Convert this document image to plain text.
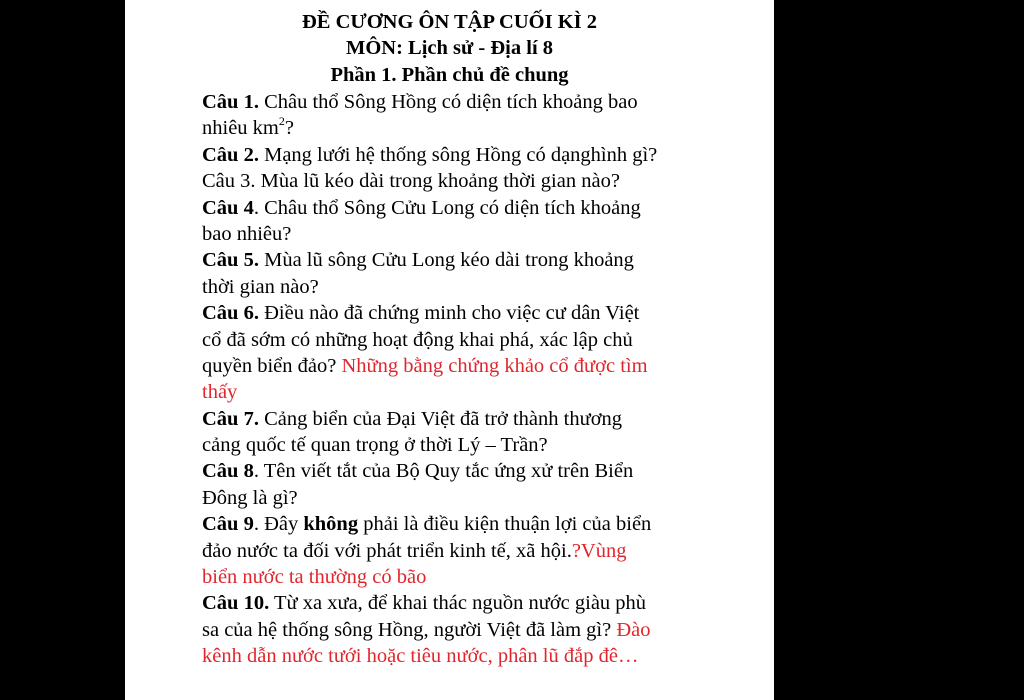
ĐỀ CƯƠNG ÔN TẬP CUỐI KÌ 2
MÔN: Lịch sử - Địa lí 8
Phần 1. Phần chủ đề chung
Câu 1. Châu thổ Sông Hồng có diện tích khoảng bao
nhiêu $km^2$?
Câu 2. Mạng lưới hệ thống sông Hồng có dạnghình gì?
Câu 3. Mùa lũ kéo dài trong khoảng thời gian nào?
Câu 4. Châu thổ Sông Cửu Long có diện tích khoảng
bao nhiêu?
Câu 5. Mùa lũ sông Cửu Long kéo dài trong khoảng
thời gian nào?
Câu 6. Điều nào đã chứng minh cho việc cư dân Việt
cổ đã sớm có những hoạt động khai phá, xác lập chủ
quyền biển đảo? Những bằng chứng khảo cổ được tìm
thấy
Câu 7. Cảng biển của Đại Việt đã trở thành thương
cảng quốc tế quan trọng ở thời Lý – Trần?
Câu 8. Tên viết tắt của Bộ Quy tắc ứng xử trên Biển
Đông là gì?
Câu 9. Đây không phải là điều kiện thuận lợi của biển
đảo nước ta đối với phát triển kinh tế, xã hội.?Vùng
biển nước ta thường có bão
Câu 10. Từ xa xưa, để khai thác nguồn nước giàu phù
sa của hệ thống sông Hồng, người Việt đã làm gì? Đào
kênh dẫn nước tưới hoặc tiêu nước, phân lũ đắp đê…
